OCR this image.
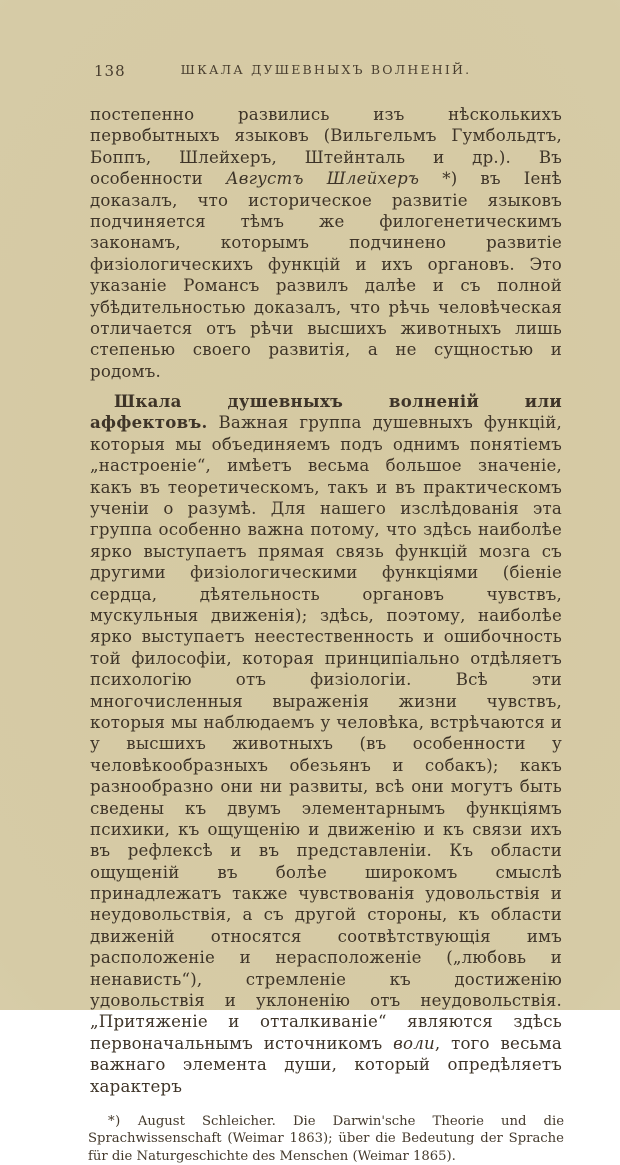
138	ШКАЛА ДУШЕВНЫХЪ ВОЛНЕНІЙ.

постепенно развились изъ нѣсколькихъ первобытныхъ языковъ (Вильгельмъ Гумбольдтъ, Боппъ, Шлейхеръ, Штейнталь и др.). Въ особенности Августъ Шлейхеръ *) въ Іенѣ доказалъ, что историческое развитіе языковъ подчиняется тѣмъ же филогенетическимъ законамъ, которымъ подчинено развитіе физіологическихъ функцій и ихъ органовъ. Это указаніе Романсъ развилъ далѣе и съ полной убѣдительностью доказалъ, что рѣчь человѣческая отличается отъ рѣчи высшихъ животныхъ лишь степенью своего развитія, а не сущностью и родомъ.

Шкала душевныхъ волненій или аффектовъ. Важная группа душевныхъ функцій, которыя мы объединяемъ подъ однимъ понятіемъ „настроеніе“, имѣетъ весьма большое значеніе, какъ въ теоретическомъ, такъ и въ практическомъ ученіи о разумѣ. Для нашего изслѣдованія эта группа особенно важна потому, что здѣсь наиболѣе ярко выступаетъ прямая связь функцій мозга съ другими физіологическими функціями (біеніе сердца, дѣятельность органовъ чувствъ, мускульныя движенія); здѣсь, поэтому, наиболѣе ярко выступаетъ неестественность и ошибочность той философіи, которая принципіально отдѣляетъ психологію отъ физіологіи. Всѣ эти многочисленныя выраженія жизни чувствъ, которыя мы наблюдаемъ у человѣка, встрѣчаются и у высшихъ животныхъ (въ особенности у человѣкообразныхъ обезьянъ и собакъ); какъ разнообразно они ни развиты, всѣ они могутъ быть сведены къ двумъ элементарнымъ функціямъ психики, къ ощущенію и движенію и къ связи ихъ въ рефлексѣ и въ представленіи. Къ области ощущеній въ болѣе широкомъ смыслѣ принадлежатъ также чувствованія удовольствія и неудовольствія, а съ другой стороны, къ области движеній относятся соотвѣтствующія имъ расположеніе и нерасположеніе („любовь и ненависть“), стремленіе къ достиженію удовольствія и уклоненію отъ неудовольствія. „Притяженіе и отталкиваніе“ являются здѣсь первоначальнымъ источникомъ воли, того весьма важнаго элемента души, который опредѣляетъ характеръ

*) August Schleicher. Die Darwin'sche Theorie und die Sprachwissenschaft (Weimar 1863); über die Bedeutung der Sprache für die Naturgeschichte des Menschen (Weimar 1865).
